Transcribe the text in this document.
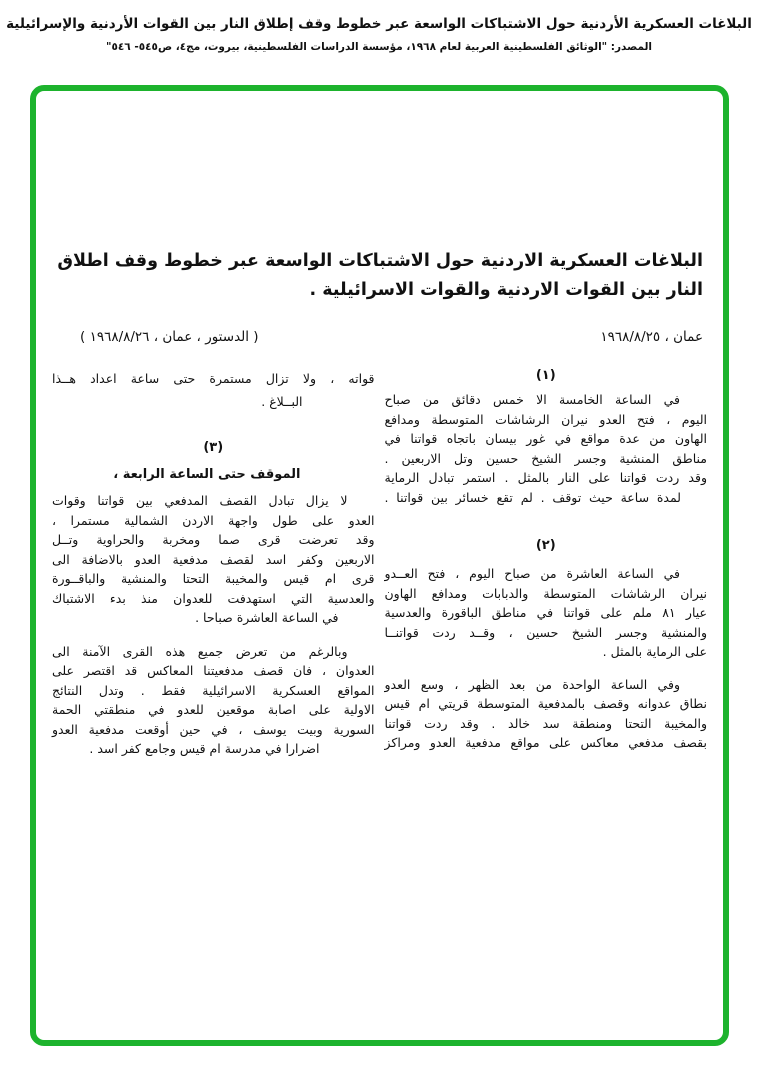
البلاغات العسكرية الأردنية حول الاشتباكات الواسعة عبر خطوط وقف إطلاق النار بين القوات الأردنية والإسرائيلية
المصدر: "الوثائق الفلسطينية العربية لعام ١٩٦٨، مؤسسة الدراسات الفلسطينية، بيروت، مج٤، ص٥٤٥- ٥٤٦"
البلاغات العسكرية الاردنية حول الاشتباكات الواسعة عبر خطوط وقف اطلاق
النار بين القوات الاردنية والقوات الاسرائيلية .
عمان ، ١٩٦٨/٨/٢٥
( الدستور ، عمان ، ١٩٦٨/٨/٢٦ )
(١)
في الساعة الخامسة الا خمس دقائق من صباح
اليوم ، فتح العدو نيران الرشاشات المتوسطة ومدافع
الهاون من عدة مواقع في غور بيسان باتجاه قواتنا في
مناطق المنشية وجسر الشيخ حسين وتل الاربعين .
وقد ردت قواتنا على النار بالمثل . استمر تبادل الرماية
لمدة ساعة حيث توقف . لم تقع خسائر بين قواتنا .
(٢)
في الساعة العاشرة من صباح اليوم ، فتح العــدو
نيران الرشاشات المتوسطة والدبابات ومدافع الهاون
عيار ٨١ ملم على قواتنا في مناطق الباقورة والعدسية
والمنشية وجسر الشيخ حسين ، وقــد ردت قواتنــا
على الرماية بالمثل .
وفي الساعة الواحدة من بعد الظهر ، وسع العدو
نطاق عدوانه وقصف بالمدفعية المتوسطة قريتي ام قيس
والمخيبة التحتا ومنطقة سد خالد . وقد ردت قواتنا
بقصف مدفعي معاكس على مواقع مدفعية العدو ومراكز
قواته ، ولا تزال مستمرة حتى ساعة اعداد هــذا
البــلاغ .
(٣)
الموقف حتى الساعة الرابعة ،
لا يزال تبادل القصف المدفعي بين قواتنا وقوات
العدو على طول واجهة الاردن الشمالية مستمرا ،
وقد تعرضت قرى صما ومخربة والحراوية وتــل
الاربعين وكفر اسد لقصف مدفعية العدو بالاضافة الى
قرى ام قيس والمخيبة التحتا والمنشية والباقــورة
والعدسية التي استهدفت للعدوان منذ بدء الاشتباك
في الساعة العاشرة صباحا .
وبالرغم من تعرض جميع هذه القرى الآمنة الى
العدوان ، فان قصف مدفعيتنا المعاكس قد اقتصر على
المواقع العسكرية الاسرائيلية فقط . وتدل النتائج
الاولية على اصابة موقعين للعدو في منطقتي الحمة
السورية وبيت يوسف ، في حين أوقعت مدفعية العدو
اضرارا في مدرسة ام قيس وجامع كفر اسد .
